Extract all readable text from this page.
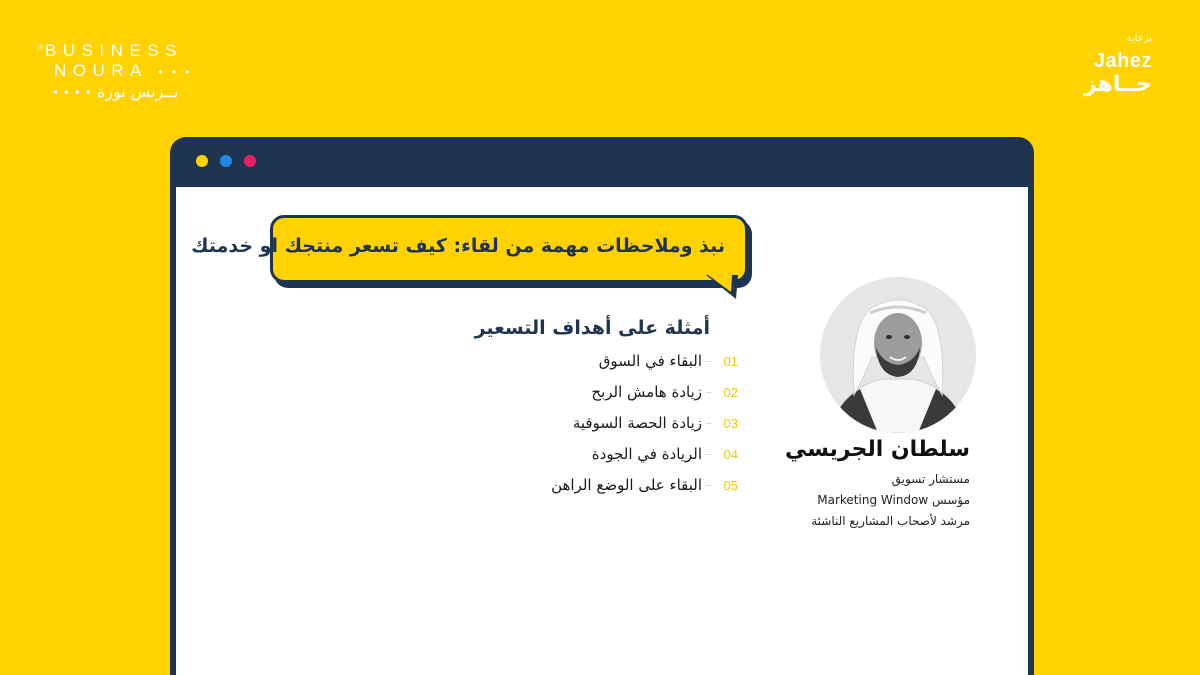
®BUSINESS
NOURA • • •
بــزنس نورة • • • •
برعاية
Jahez
جــاهز
نبذ وملاحظات مهمة من لقاء: كيف تسعر منتجك او خدمتك
أمثلة على أهداف التسعير
01
–
البقاء في السوق
02
–
زيادة هامش الربح
03
–
زيادة الحصة السوقية
04
–
الريادة في الجودة
05
–
البقاء على الوضع الراهن
سلطان الجريسي
مستشار تسويق
مؤسس Marketing Window
مرشد لأصحاب المشاريع الناشئة
